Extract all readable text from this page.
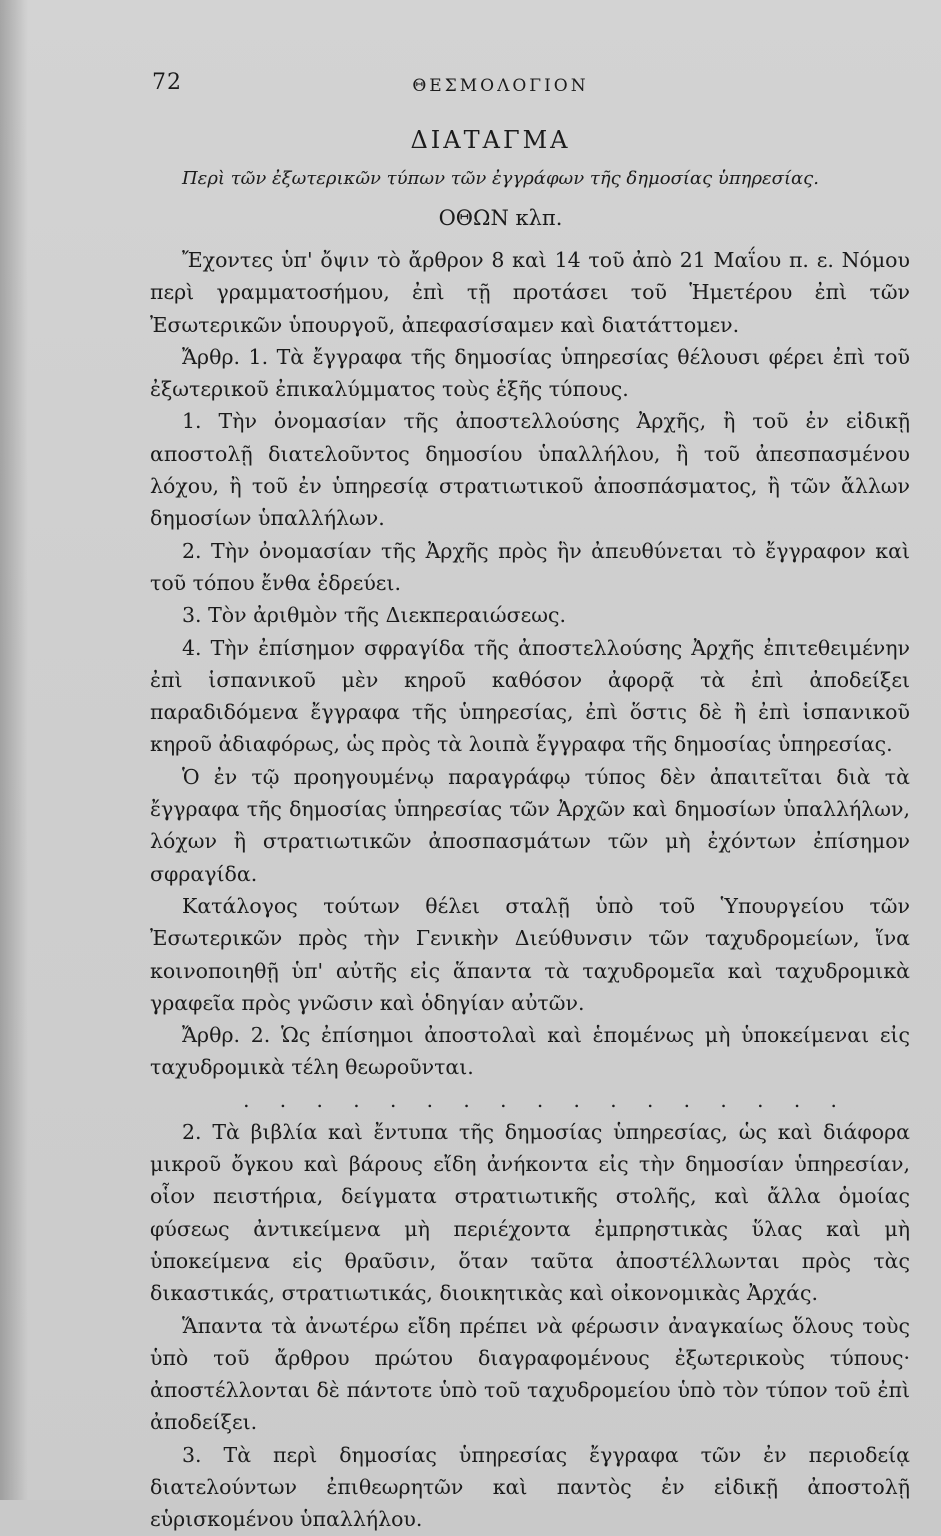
72	ΘΕΣΜΟΛΟΓΙΟΝ
ΔΙΑΤΑΓΜΑ
Περὶ τῶν ἐξωτερικῶν τύπων τῶν ἐγγράφων τῆς δημοσίας ὑπηρεσίας.
ΟΘΩΝ κλπ.

Ἔχοντες ὑπ' ὄψιν τὸ ἄρθρον 8 καὶ 14 τοῦ ἀπὸ 21 Μαΐου π. ε. Νόμου περὶ γραμματοσήμου, ἐπὶ τῇ προτάσει τοῦ Ἡμετέρου ἐπὶ τῶν Ἐσωτερικῶν ὑπουργοῦ, ἀπεφασίσαμεν καὶ διατάττομεν.

Ἄρθρ. 1. Τὰ ἔγγραφα τῆς δημοσίας ὑπηρεσίας θέλουσι φέρει ἐπὶ τοῦ ἐξωτερικοῦ ἐπικαλύμματος τοὺς ἑξῆς τύπους.

1. Τὴν ὀνομασίαν τῆς ἀποστελλούσης Ἀρχῆς, ἢ τοῦ ἐν εἰδικῇ αποστολῇ διατελοῦντος δημοσίου ὑπαλλήλου, ἢ τοῦ ἀπεσπασμένου λόχου, ἢ τοῦ ἐν ὑπηρεσίᾳ στρατιωτικοῦ ἀποσπάσματος, ἢ τῶν ἄλλων δημοσίων ὑπαλλήλων.

2. Τὴν ὀνομασίαν τῆς Ἀρχῆς πρὸς ἣν ἀπευθύνεται τὸ ἔγγραφον καὶ τοῦ τόπου ἔνθα ἑδρεύει.

3. Τὸν ἀριθμὸν τῆς Διεκπεραιώσεως.

4. Τὴν ἐπίσημον σφραγίδα τῆς ἀποστελλούσης Ἀρχῆς ἐπιτεθειμένην ἐπὶ ἱσπανικοῦ μὲν κηροῦ καθόσον ἀφορᾷ τὰ ἐπὶ ἀποδείξει παραδιδόμενα ἔγγραφα τῆς ὑπηρεσίας, ἐπὶ ὅστις δὲ ἢ ἐπὶ ἱσπανικοῦ κηροῦ ἀδιαφόρως, ὡς πρὸς τὰ λοιπὰ ἔγγραφα τῆς δημοσίας ὑπηρεσίας.

Ὁ ἐν τῷ προηγουμένῳ παραγράφῳ τύπος δὲν ἀπαιτεῖται διὰ τὰ ἔγγραφα τῆς δημοσίας ὑπηρεσίας τῶν Ἀρχῶν καὶ δημοσίων ὑπαλλήλων, λόχων ἢ στρατιωτικῶν ἀποσπασμάτων τῶν μὴ ἐχόντων ἐπίσημον σφραγίδα.

Κατάλογος τούτων θέλει σταλῇ ὑπὸ τοῦ Ὑπουργείου τῶν Ἐσωτερικῶν πρὸς τὴν Γενικὴν Διεύθυνσιν τῶν ταχυδρομείων, ἵνα κοινοποιηθῇ ὑπ' αὐτῆς εἰς ἅπαντα τὰ ταχυδρομεῖα καὶ ταχυδρομικὰ γραφεῖα πρὸς γνῶσιν καὶ ὁδηγίαν αὐτῶν.

Ἄρθρ. 2. Ὡς ἐπίσημοι ἀποστολαὶ καὶ ἑπομένως μὴ ὑποκείμεναι εἰς ταχυδρομικὰ τέλη θεωροῦνται.

. . . . . . . . . . . . . . . . .

2. Τὰ βιβλία καὶ ἔντυπα τῆς δημοσίας ὑπηρεσίας, ὡς καὶ διάφορα μικροῦ ὄγκου καὶ βάρους εἴδη ἀνήκοντα εἰς τὴν δημοσίαν ὑπηρεσίαν, οἷον πειστήρια, δείγματα στρατιωτικῆς στολῆς, καὶ ἄλλα ὁμοίας φύσεως ἀντικείμενα μὴ περιέχοντα ἐμπρηστικὰς ὕλας καὶ μὴ ὑποκείμενα εἰς θραῦσιν, ὅταν ταῦτα ἀποστέλλωνται πρὸς τὰς δικαστικάς, στρατιωτικάς, διοικητικὰς καὶ οἰκονομικὰς Ἀρχάς.

Ἅπαντα τὰ ἀνωτέρω εἴδη πρέπει νὰ φέρωσιν ἀναγκαίως ὅλους τοὺς ὑπὸ τοῦ ἄρθρου πρώτου διαγραφομένους ἐξωτερικοὺς τύπους· ἀποστέλλονται δὲ πάντοτε ὑπὸ τοῦ ταχυδρομείου ὑπὸ τὸν τύπον τοῦ ἐπὶ ἀποδείξει.

3. Τὰ περὶ δημοσίας ὑπηρεσίας ἔγγραφα τῶν ἐν περιοδείᾳ διατελούντων ἐπιθεωρητῶν καὶ παντὸς ἐν εἰδικῇ ἀποστολῇ εὑρισκομένου ὑπαλλήλου.
